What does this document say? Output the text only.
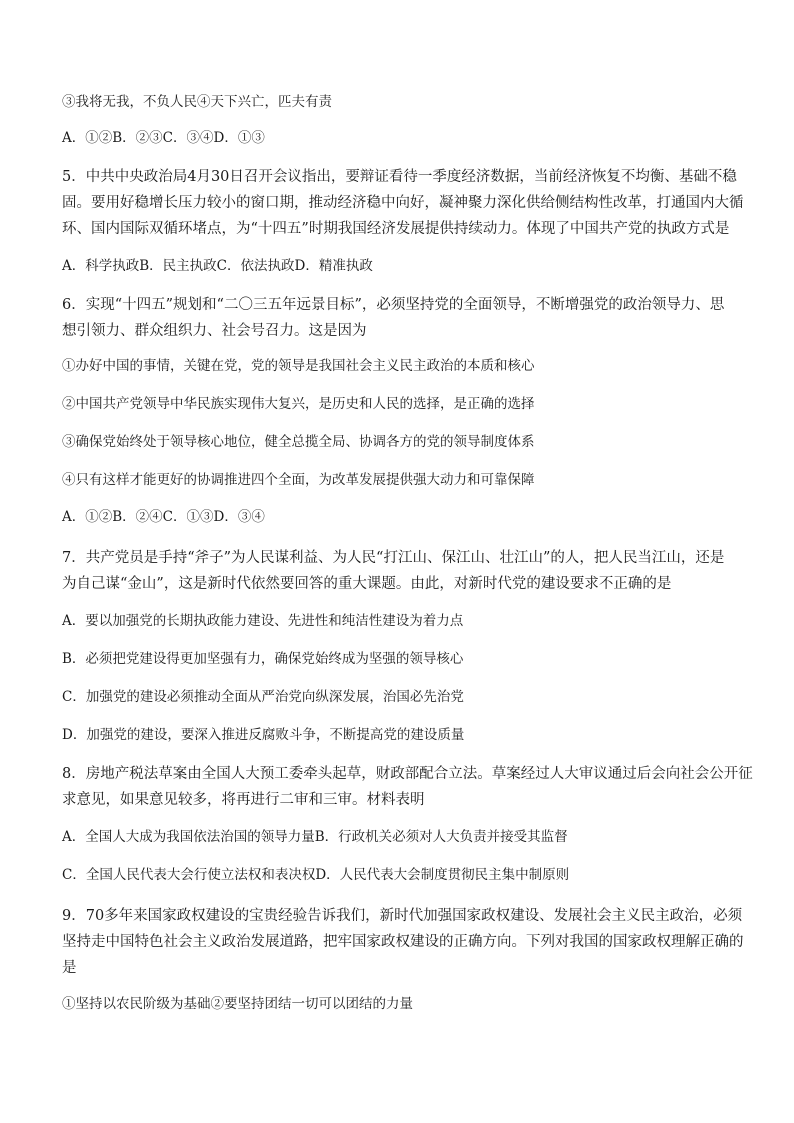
③我将无我，不负人民④天下兴亡，匹夫有责
A．①②B．②③C．③④D．①③
5．中共中央政治局4月30日召开会议指出，要辩证看待一季度经济数据，当前经济恢复不均衡、基础不稳
固。要用好稳增长压力较小的窗口期，推动经济稳中向好，凝神聚力深化供给侧结构性改革，打通国内大循
环、国内国际双循环堵点，为“十四五”时期我国经济发展提供持续动力。体现了中国共产党的执政方式是
A．科学执政B．民主执政C．依法执政D．精准执政
6．实现“十四五”规划和“二〇三五年远景目标”，必须坚持党的全面领导，不断增强党的政治领导力、思
想引领力、群众组织力、社会号召力。这是因为
①办好中国的事情，关键在党，党的领导是我国社会主义民主政治的本质和核心
②中国共产党领导中华民族实现伟大复兴，是历史和人民的选择，是正确的选择
③确保党始终处于领导核心地位，健全总揽全局、协调各方的党的领导制度体系
④只有这样才能更好的协调推进四个全面，为改革发展提供强大动力和可靠保障
A．①②B．②④C．①③D．③④
7．共产党员是手持“斧子”为人民谋利益、为人民“打江山、保江山、壮江山”的人，把人民当江山，还是
为自己谋“金山”，这是新时代依然要回答的重大课题。由此，对新时代党的建设要求不正确的是
A．要以加强党的长期执政能力建设、先进性和纯洁性建设为着力点
B．必须把党建设得更加坚强有力，确保党始终成为坚强的领导核心
C．加强党的建设必须推动全面从严治党向纵深发展，治国必先治党
D．加强党的建设，要深入推进反腐败斗争，不断提高党的建设质量
8．房地产税法草案由全国人大预工委牵头起草，财政部配合立法。草案经过人大审议通过后会向社会公开征
求意见，如果意见较多，将再进行二审和三审。材料表明
A．全国人大成为我国依法治国的领导力量B．行政机关必须对人大负责并接受其监督
C．全国人民代表大会行使立法权和表决权D．人民代表大会制度贯彻民主集中制原则
9．70多年来国家政权建设的宝贵经验告诉我们，新时代加强国家政权建设、发展社会主义民主政治，必须
坚持走中国特色社会主义政治发展道路，把牢国家政权建设的正确方向。下列对我国的国家政权理解正确的
是
①坚持以农民阶级为基础②要坚持团结一切可以团结的力量
